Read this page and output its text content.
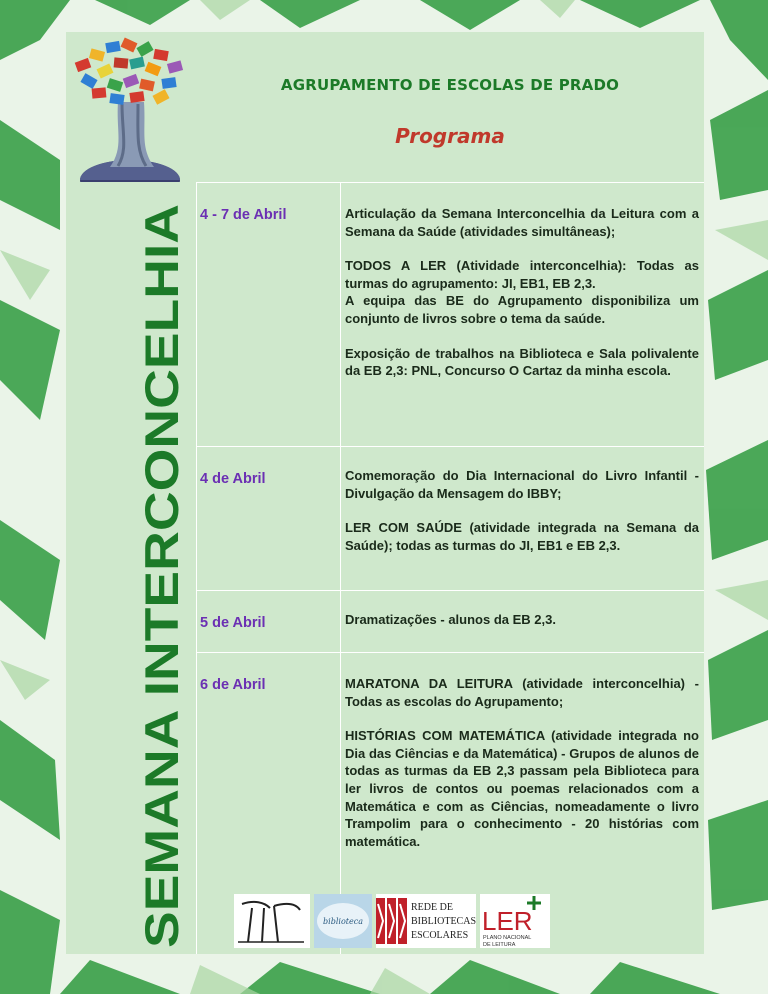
AGRUPAMENTO DE ESCOLAS DE PRADO
Programa
SEMANA INTERCONCELHIA DA LEITURA 2011
4 - 7 de Abril	Articulação da Semana Interconcelhia da Leitura com a Semana da Saúde (atividades simultâneas);

TODOS A LER (Atividade interconcelhia): Todas as turmas do agrupamento: JI, EB1, EB 2,3.

A equipa das BE do Agrupamento disponibiliza um conjunto de livros sobre o tema da saúde.

Exposição de trabalhos na Biblioteca e Sala polivalente da EB 2,3: PNL, Concurso O Cartaz da minha escola.

4 de Abril	Comemoração do Dia Internacional do Livro Infantil - Divulgação da Mensagem do IBBY;

LER COM SAÚDE (atividade integrada na Semana da Saúde); todas as turmas do JI, EB1 e EB 2,3.

5 de Abril	Dramatizações - alunos da EB 2,3.

6 de Abril	MARATONA DA LEITURA (atividade interconcelhia) - Todas as escolas do Agrupamento;

HISTÓRIAS COM MATEMÁTICA (atividade integrada no Dia das Ciências e da Matemática) - Grupos de alunos de todas as turmas da EB 2,3 passam pela Biblioteca para ler livros de contos ou poemas relacionados com a Matemática e com as Ciências, nomeadamente o livro Trampolim para o conhecimento - 20 histórias com matemática.

biblioteca
REDE DE
BIBLIOTECAS
ESCOLARES LER
PLANO NACIONAL
DE LEITURA
